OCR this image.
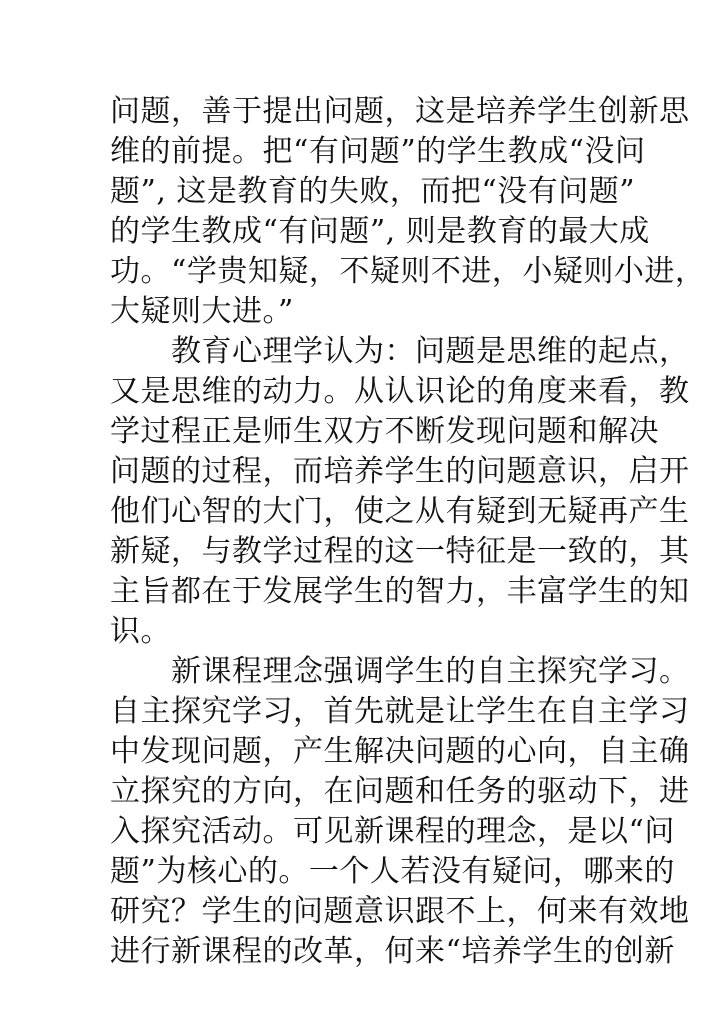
问题，善于提出问题，这是培养学生创新思
维的前提。把“有问题”的学生教成“没问
题”, 这是教育的失败，而把“没有问题”
的学生教成“有问题”, 则是教育的最大成
功。“学贵知疑，不疑则不进，小疑则小进，
大疑则大进。”
　　教育心理学认为：问题是思维的起点，
又是思维的动力。从认识论的角度来看，教
学过程正是师生双方不断发现问题和解决
问题的过程，而培养学生的问题意识，启开
他们心智的大门，使之从有疑到无疑再产生
新疑，与教学过程的这一特征是一致的，其
主旨都在于发展学生的智力，丰富学生的知
识。
　　新课程理念强调学生的自主探究学习。
自主探究学习，首先就是让学生在自主学习
中发现问题，产生解决问题的心向，自主确
立探究的方向，在问题和任务的驱动下，进
入探究活动。可见新课程的理念，是以“问
题”为核心的。一个人若没有疑问，哪来的
研究？学生的问题意识跟不上，何来有效地
进行新课程的改革，何来“培养学生的创新
